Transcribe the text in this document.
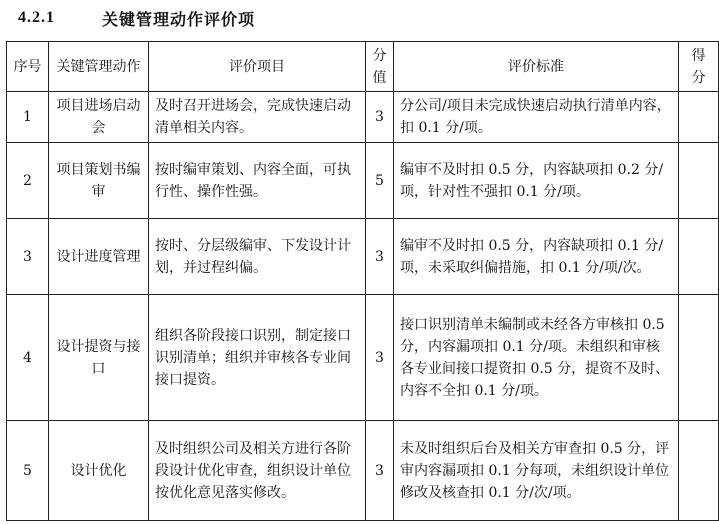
4.2.1	关键管理动作评价项
序号	关键管理动作	评价项目	分值	评价标准	得分
1	项目进场启动会	及时召开进场会，完成快速启动清单相关内容。	3	分公司/项目未完成快速启动执行清单内容，扣 0.1 分/项。	
2	项目策划书编审	按时编审策划、内容全面，可执行性、操作性强。	5	编审不及时扣 0.5 分，内容缺项扣 0.2 分/项，针对性不强扣 0.1 分/项。	
3	设计进度管理	按时、分层级编审、下发设计计划，并过程纠偏。	3	编审不及时扣 0.5 分，内容缺项扣 0.1 分/项，未采取纠偏措施，扣 0.1 分/项/次。	
4	设计提资与接口	组织各阶段接口识别，制定接口识别清单；组织并审核各专业间接口提资。	3	接口识别清单未编制或未经各方审核扣 0.5 分，内容漏项扣 0.1 分/项。未组织和审核各专业间接口提资扣 0.5 分，提资不及时、内容不全扣 0.1 分/项。	
5	设计优化	及时组织公司及相关方进行各阶段设计优化审查，组织设计单位按优化意见落实修改。	3	未及时组织后台及相关方审查扣 0.5 分，评审内容漏项扣 0.1 分每项，未组织设计单位修改及核查扣 0.1 分/次/项。	
